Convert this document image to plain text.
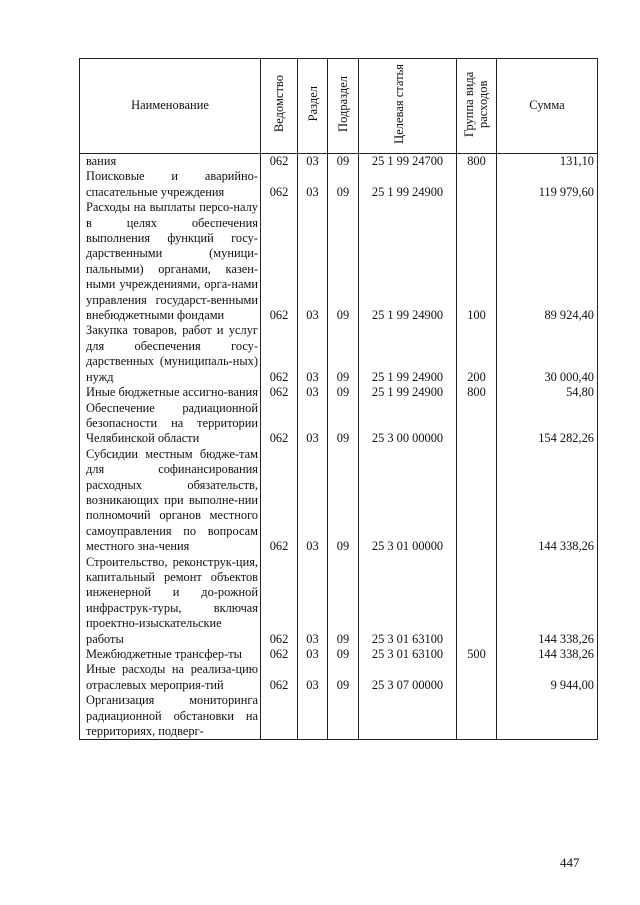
Наименование	Ведомство	Раздел	Подраздел	Целевая статья	Группа вида расходов	Сумма
вания	062	03	09	25 1 99 24700	800	131,10
Поисковые и аварийно-спасательные учреждения	062	03	09	25 1 99 24900		119 979,60
Расходы на выплаты персо-налу в целях обеспечения выполнения функций госу-дарственными (муници-пальными) органами, казен-ными учреждениями, орга-нами управления государст-венными внебюджетными фондами	062	03	09	25 1 99 24900	100	89 924,40
Закупка товаров, работ и услуг для обеспечения госу-дарственных (муниципаль-ных) нужд	062	03	09	25 1 99 24900	200	30 000,40
Иные бюджетные ассигно-вания	062	03	09	25 1 99 24900	800	54,80
Обеспечение радиационной безопасности на территории Челябинской области	062	03	09	25 3 00 00000		154 282,26
Субсидии местным бюдже-там для софинансирования расходных обязательств, возникающих при выполне-нии полномочий органов местного самоуправления по вопросам местного зна-чения	062	03	09	25 3 01 00000		144 338,26
Строительство, реконструк-ция, капитальный ремонт объектов инженерной и до-рожной инфраструк-туры, включая проектно-изыскательские работы	062	03	09	25 3 01 63100		144 338,26
Межбюджетные трансфер-ты	062	03	09	25 3 01 63100	500	144 338,26
Иные расходы на реализа-цию отраслевых мероприя-тий	062	03	09	25 3 07 00000		9 944,00
Организация мониторинга радиационной обстановки на территориях, подверг-						
447
